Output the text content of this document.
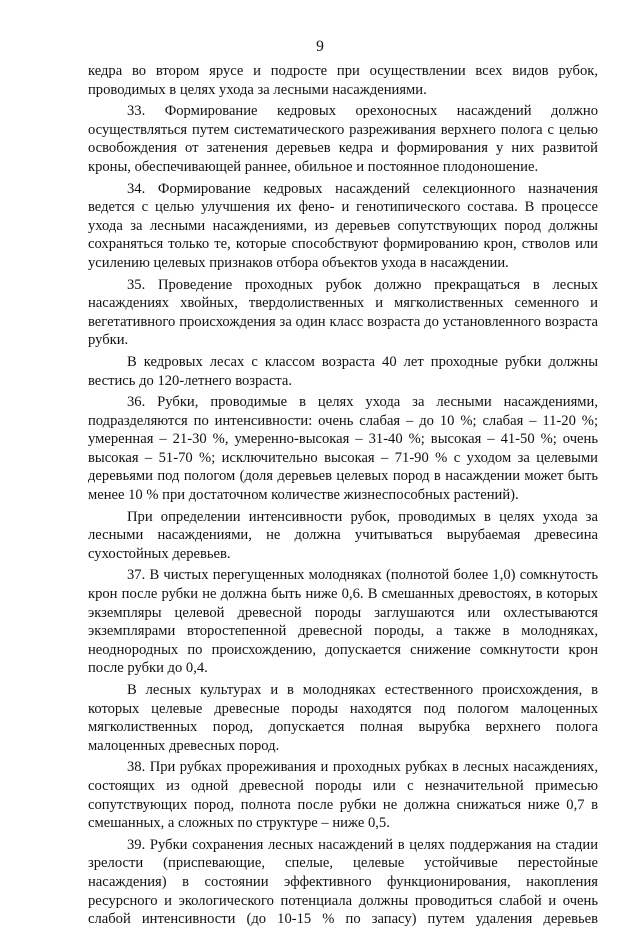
9

кедра во втором ярусе и подросте при осуществлении всех видов рубок, проводимых в целях ухода за лесными насаждениями.

33. Формирование кедровых орехоносных насаждений должно осуществляться путем систематического разреживания верхнего полога с целью освобождения от затенения деревьев кедра и формирования у них развитой кроны, обеспечивающей раннее, обильное и постоянное плодоношение.

34. Формирование кедровых насаждений селекционного назначения ведется с целью улучшения их фено- и генотипического состава. В процессе ухода за лесными насаждениями, из деревьев сопутствующих пород должны сохраняться только те, которые способствуют формированию крон, стволов или усилению целевых признаков отбора объектов ухода в насаждении.

35. Проведение проходных рубок должно прекращаться в лесных насаждениях хвойных, твердолиственных и мягколиственных семенного и вегетативного происхождения за один класс возраста до установленного возраста рубки.

В кедровых лесах с классом возраста 40 лет проходные рубки должны вестись до 120-летнего возраста.

36. Рубки, проводимые в целях ухода за лесными насаждениями, подразделяются по интенсивности: очень слабая – до 10 %; слабая – 11-20 %; умеренная – 21-30 %, умеренно-высокая – 31-40 %; высокая – 41-50 %; очень высокая – 51-70 %; исключительно высокая – 71-90 % с уходом за целевыми деревьями под пологом (доля деревьев целевых пород в насаждении может быть менее 10 % при достаточном количестве жизнеспособных растений).

При определении интенсивности рубок, проводимых в целях ухода за лесными насаждениями, не должна учитываться вырубаемая древесина сухостойных деревьев.

37. В чистых перегущенных молодняках (полнотой более 1,0) сомкнутость крон после рубки не должна быть ниже 0,6. В смешанных древостоях, в которых экземпляры целевой древесной породы заглушаются или охлестываются экземплярами второстепенной древесной породы, а также в молодняках, неоднородных по происхождению, допускается снижение сомкнутости крон после рубки до 0,4.

В лесных культурах и в молодняках естественного происхождения, в которых целевые древесные породы находятся под пологом малоценных мягколиственных пород, допускается полная вырубка верхнего полога малоценных древесных пород.

38. При рубках прореживания и проходных рубках в лесных насаждениях, состоящих из одной древесной породы или с незначительной примесью сопутствующих пород, полнота после рубки не должна снижаться ниже 0,7 в смешанных, а сложных по структуре – ниже 0,5.

39. Рубки сохранения лесных насаждений в целях поддержания на стадии зрелости (приспевающие, спелые, целевые устойчивые перестойные насаждения) в состоянии эффективного функционирования, накопления ресурсного и экологического потенциала должны проводиться слабой и очень слабой интенсивности (до 10-15 % по запасу) путем удаления деревьев
